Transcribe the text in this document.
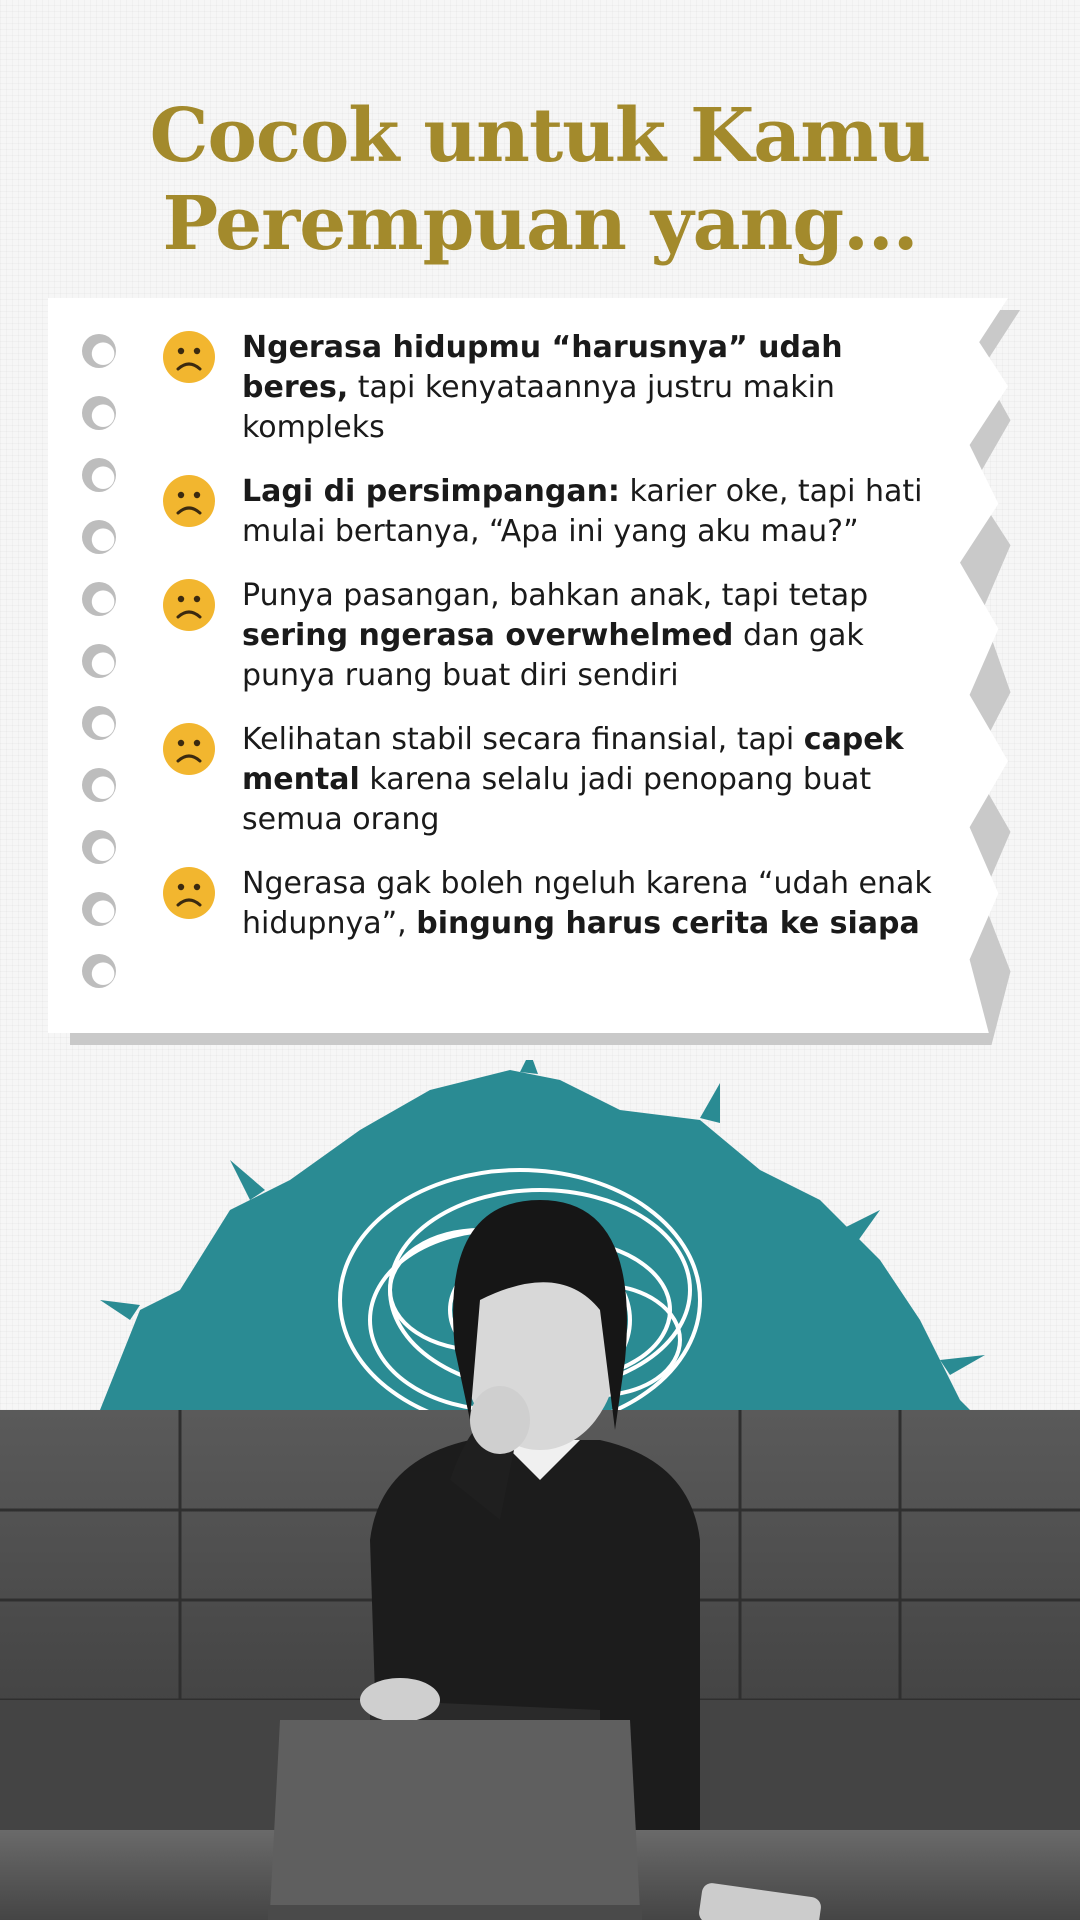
Cocok untuk Kamu
Perempuan yang...
Ngerasa hidupmu “harusnya” udah beres, tapi kenyataannya justru makin kompleks
Lagi di persimpangan: karier oke, tapi hati mulai bertanya, “Apa ini yang aku mau?”
Punya pasangan, bahkan anak, tapi tetap sering ngerasa overwhelmed dan gak punya ruang buat diri sendiri
Kelihatan stabil secara finansial, tapi capek mental karena selalu jadi penopang buat semua orang
Ngerasa gak boleh ngeluh karena “udah enak hidupnya”, bingung harus cerita ke siapa
